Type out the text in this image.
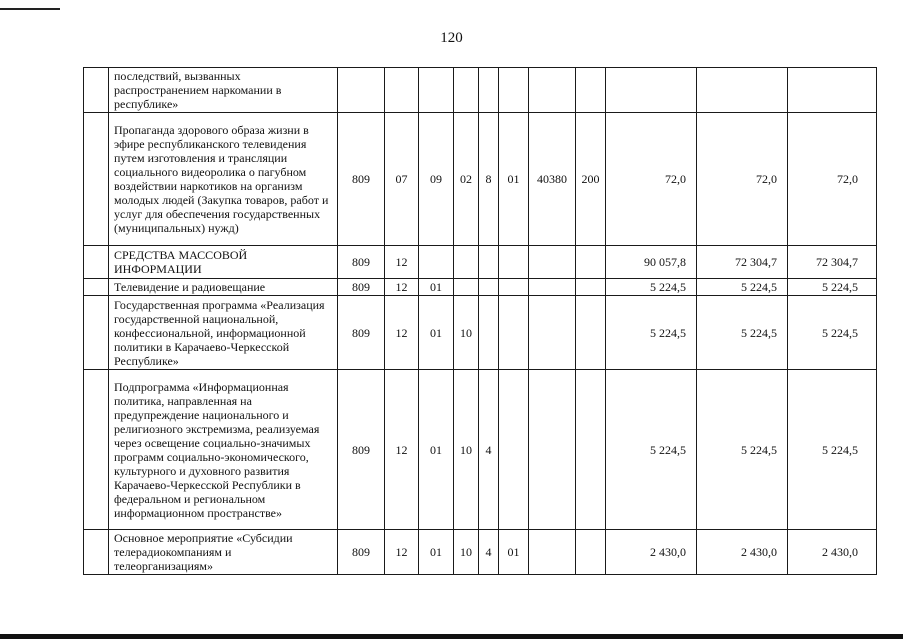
120
	последствий, вызванных распространением наркомании в республике»											
	Пропаганда здорового образа жизни в эфире республиканского телевидения путем изготовления и трансляции социального видеоролика о пагубном воздействии наркотиков на организм молодых людей (Закупка товаров, работ и услуг для обеспечения государственных (муниципальных) нужд)	809	07	09	02	8	01	40380	200	72,0	72,0	72,0
	СРЕДСТВА МАССОВОЙ ИНФОРМАЦИИ	809	12							90 057,8	72 304,7	72 304,7
	Телевидение и радиовещание	809	12	01						5 224,5	5 224,5	5 224,5
	Государственная программа «Реализация государственной национальной, конфессиональной, информационной политики в Карачаево-Черкесской Республике»	809	12	01	10					5 224,5	5 224,5	5 224,5
	Подпрограмма «Информационная политика, направленная на предупреждение национального и религиозного экстремизма, реализуемая через освещение социально-значимых программ социально-экономического, культурного и духовного развития Карачаево-Черкесской Республики в федеральном и региональном информационном пространстве»	809	12	01	10	4				5 224,5	5 224,5	5 224,5
	Основное мероприятие «Субсидии телерадиокомпаниям и телеорганизациям»	809	12	01	10	4	01			2 430,0	2 430,0	2 430,0
